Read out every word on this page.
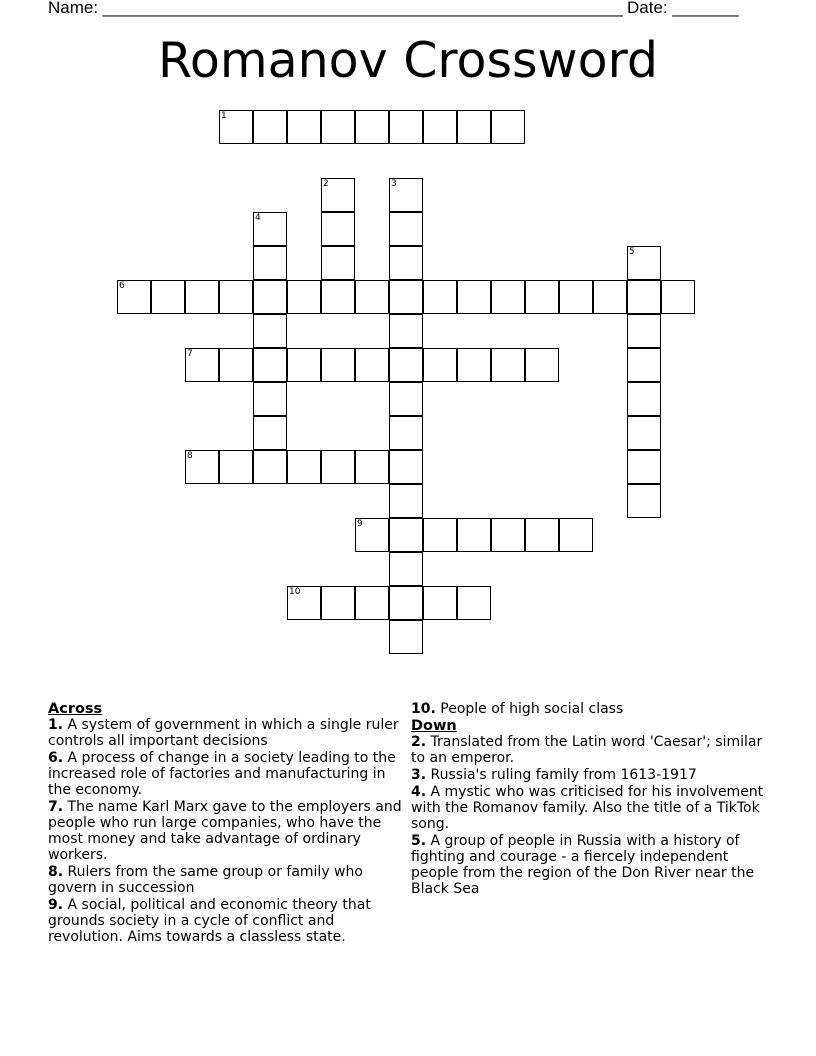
Name: _______________________________________________________ Date: _______
Romanov Crossword
1
2	3
4
5
6
7
8
9
10
Across
1. A system of government in which a single ruler controls all important decisions
6. A process of change in a society leading to the increased role of factories and manufacturing in the economy.
7. The name Karl Marx gave to the employers and people who run large companies, who have the most money and take advantage of ordinary workers.
8. Rulers from the same group or family who govern in succession
9. A social, political and economic theory that grounds society in a cycle of conflict and revolution. Aims towards a classless state.
10. People of high social class
Down
2. Translated from the Latin word 'Caesar'; similar to an emperor.
3. Russia's ruling family from 1613-1917
4. A mystic who was criticised for his involvement with the Romanov family. Also the title of a TikTok song.
5. A group of people in Russia with a history of fighting and courage - a fiercely independent people from the region of the Don River near the Black Sea
